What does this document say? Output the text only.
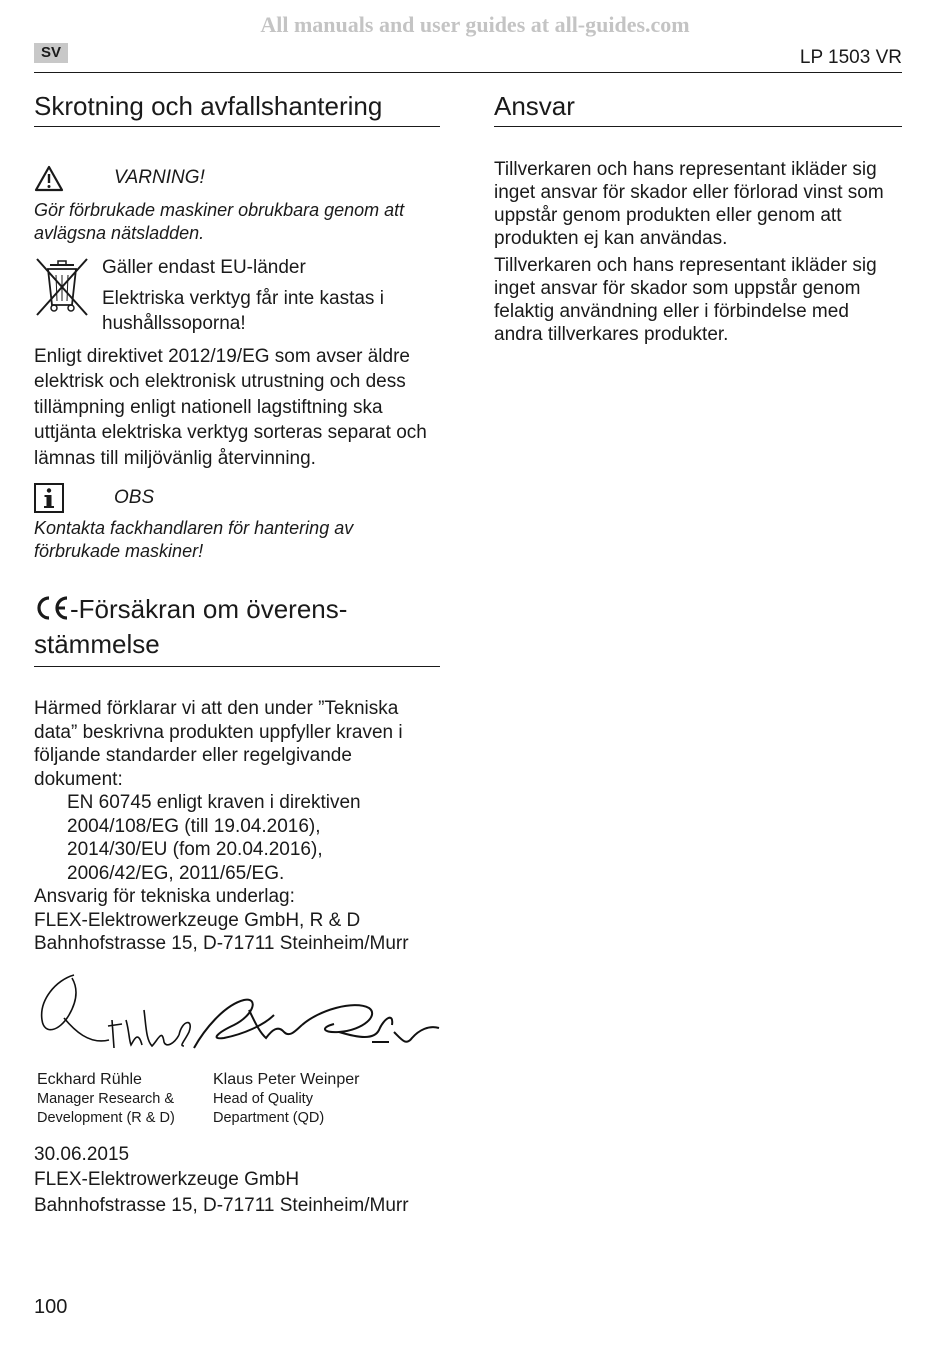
All manuals and user guides at all-guides.com
SV	LP 1503 VR
Skrotning och avfallshantering
VARNING!

Gör förbrukade maskiner obrukbara genom att avlägsna nätsladden.

Gäller endast EU-länder

Elektriska verktyg får inte kastas i hushållssoporna!

Enligt direktivet 2012/19/EG som avser äldre elektrisk och elektronisk utrustning och dess tillämpning enligt nationell lagstiftning ska uttjänta elektriska verktyg sorteras separat och lämnas till miljövänlig återvinning.

OBS

Kontakta fackhandlaren för hantering av förbrukade maskiner!

-Försäkran om överens-stämmelse

Härmed förklarar vi att den under ”Tekniska data” beskrivna produkten uppfyller kraven i följande standarder eller regelgivande dokument:

EN 60745 enligt kraven i direktiven

2004/108/EG (till 19.04.2016),

2014/30/EU (fom 20.04.2016),

2006/42/EG, 2011/65/EG.

Ansvarig för tekniska underlag:

FLEX-Elektrowerkzeuge GmbH, R & D

Bahnhofstrasse 15, D-71711 Steinheim/Murr

Eckhard Rühle
Manager Research &
Development (R & D)
Klaus Peter Weinper
Head of Quality
Department (QD)

30.06.2015

FLEX-Elektrowerkzeuge GmbH

Bahnhofstrasse 15, D-71711 Steinheim/Murr

Ansvar

Tillverkaren och hans representant ikläder sig inget ansvar för skador eller förlorad vinst som uppstår genom produkten eller genom att produkten ej kan användas.

Tillverkaren och hans representant ikläder sig inget ansvar för skador som uppstår genom felaktig användning eller i förbindelse med andra tillverkares produkter.

100
